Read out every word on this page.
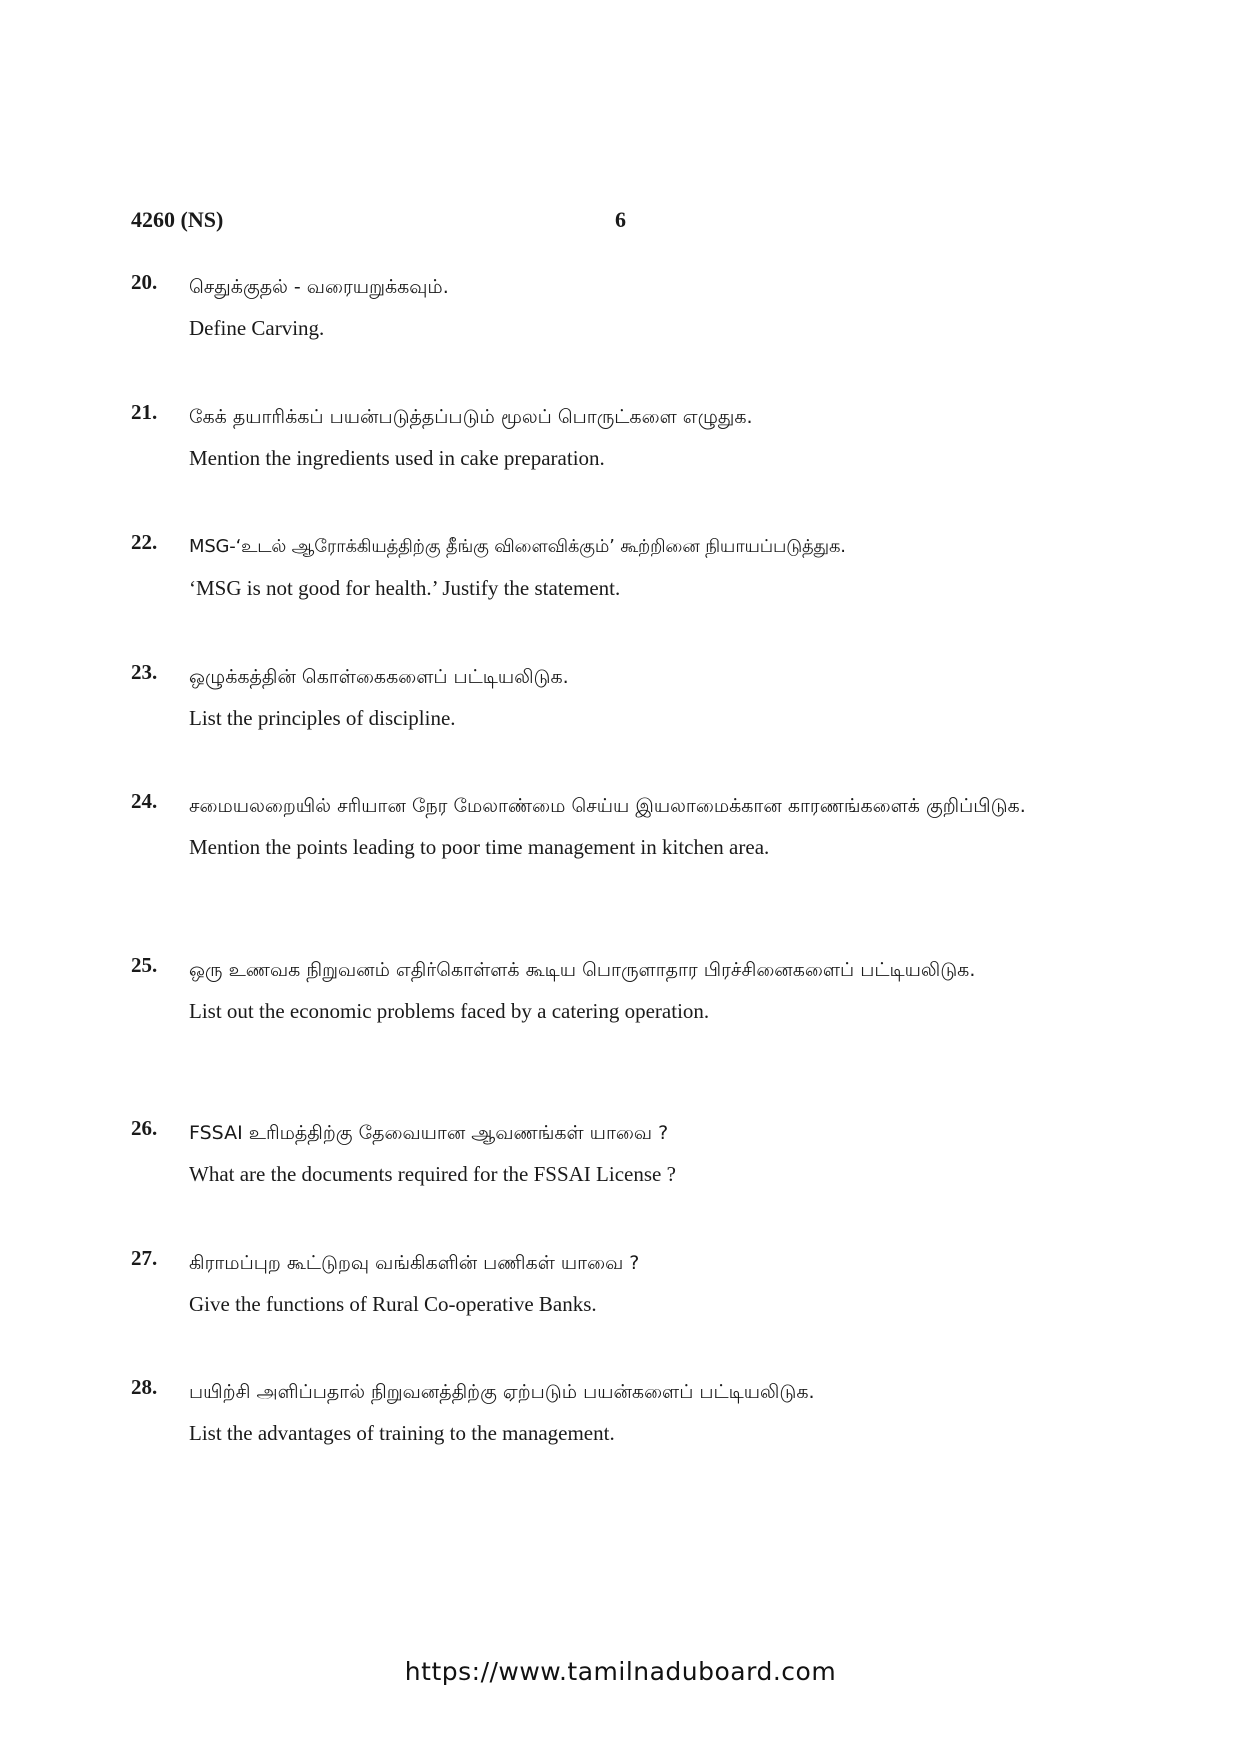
4260 (NS)	6
20. செதுக்குதல் - வரையறுக்கவும்.

Define Carving.

21. கேக் தயாரிக்கப் பயன்படுத்தப்படும் மூலப் பொருட்களை எழுதுக.

Mention the ingredients used in cake preparation.

22. MSG-‘உடல் ஆரோக்கியத்திற்கு தீங்கு விளைவிக்கும்’ கூற்றினை நியாயப்படுத்துக.

‘MSG is not good for health.’ Justify the statement.

23. ஒழுக்கத்தின் கொள்கைகளைப் பட்டியலிடுக.

List the principles of discipline.

24. சமையலறையில் சரியான நேர மேலாண்மை செய்ய இயலாமைக்கான காரணங்களைக் குறிப்பிடுக.

Mention the points leading to poor time management in kitchen area.

25. ஒரு உணவக நிறுவனம் எதிர்கொள்ளக் கூடிய பொருளாதார பிரச்சினைகளைப் பட்டியலிடுக.

List out the economic problems faced by a catering operation.

26. FSSAI உரிமத்திற்கு தேவையான ஆவணங்கள் யாவை ?

What are the documents required for the FSSAI License ?

27. கிராமப்புற கூட்டுறவு வங்கிகளின் பணிகள் யாவை ?

Give the functions of Rural Co-operative Banks.

28. பயிற்சி அளிப்பதால் நிறுவனத்திற்கு ஏற்படும் பயன்களைப் பட்டியலிடுக.

List the advantages of training to the management.

https://www.tamilnaduboard.com
